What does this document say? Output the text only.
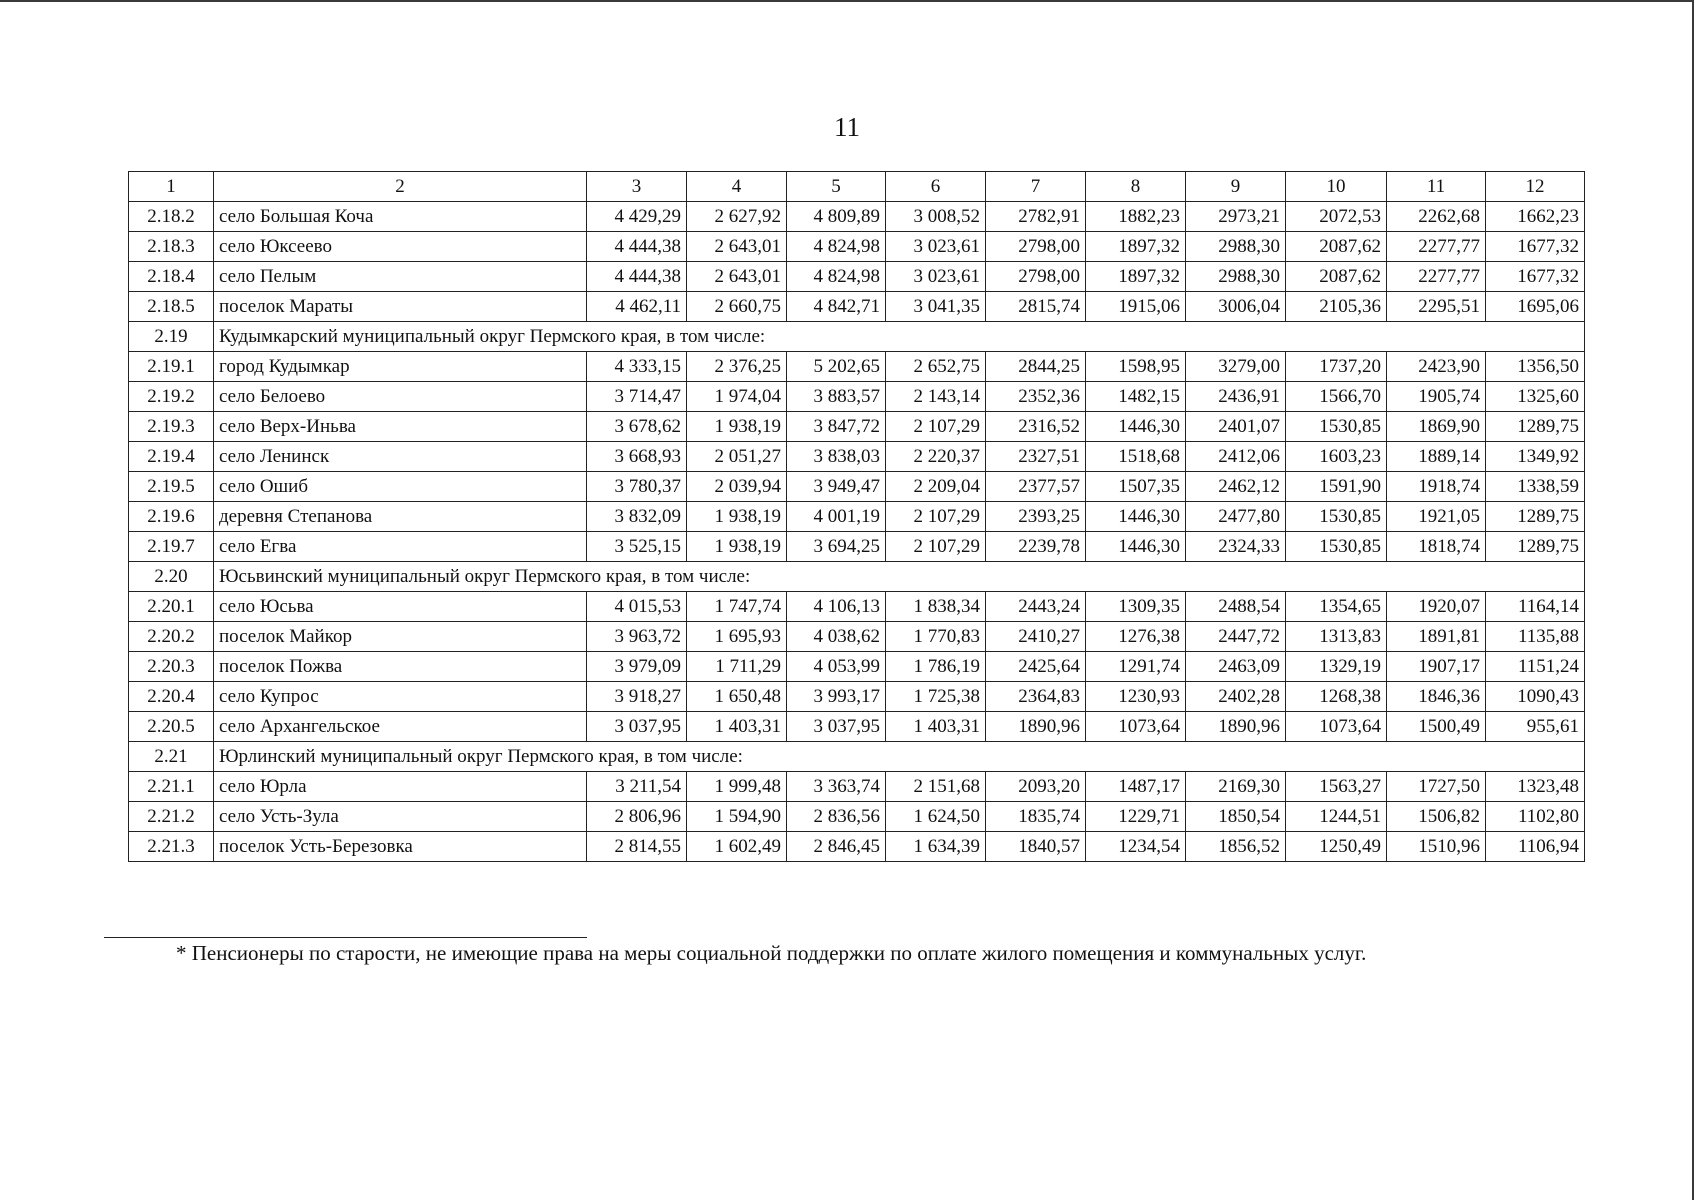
11
1	2	3	4	5	6	7	8	9	10	11	12
2.18.2	село Большая Коча	4 429,29	2 627,92	4 809,89	3 008,52	2782,91	1882,23	2973,21	2072,53	2262,68	1662,23
2.18.3	село Юксеево	4 444,38	2 643,01	4 824,98	3 023,61	2798,00	1897,32	2988,30	2087,62	2277,77	1677,32
2.18.4	село Пелым	4 444,38	2 643,01	4 824,98	3 023,61	2798,00	1897,32	2988,30	2087,62	2277,77	1677,32
2.18.5	поселок Мараты	4 462,11	2 660,75	4 842,71	3 041,35	2815,74	1915,06	3006,04	2105,36	2295,51	1695,06
2.19	Кудымкарский муниципальный округ Пермского края, в том числе:										
2.19.1	город Кудымкар	4 333,15	2 376,25	5 202,65	2 652,75	2844,25	1598,95	3279,00	1737,20	2423,90	1356,50
2.19.2	село Белоево	3 714,47	1 974,04	3 883,57	2 143,14	2352,36	1482,15	2436,91	1566,70	1905,74	1325,60
2.19.3	село Верх-Иньва	3 678,62	1 938,19	3 847,72	2 107,29	2316,52	1446,30	2401,07	1530,85	1869,90	1289,75
2.19.4	село Ленинск	3 668,93	2 051,27	3 838,03	2 220,37	2327,51	1518,68	2412,06	1603,23	1889,14	1349,92
2.19.5	село Ошиб	3 780,37	2 039,94	3 949,47	2 209,04	2377,57	1507,35	2462,12	1591,90	1918,74	1338,59
2.19.6	деревня Степанова	3 832,09	1 938,19	4 001,19	2 107,29	2393,25	1446,30	2477,80	1530,85	1921,05	1289,75
2.19.7	село Егва	3 525,15	1 938,19	3 694,25	2 107,29	2239,78	1446,30	2324,33	1530,85	1818,74	1289,75
2.20	Юсьвинский муниципальный округ Пермского края, в том числе:										
2.20.1	село Юсьва	4 015,53	1 747,74	4 106,13	1 838,34	2443,24	1309,35	2488,54	1354,65	1920,07	1164,14
2.20.2	поселок Майкор	3 963,72	1 695,93	4 038,62	1 770,83	2410,27	1276,38	2447,72	1313,83	1891,81	1135,88
2.20.3	поселок Пожва	3 979,09	1 711,29	4 053,99	1 786,19	2425,64	1291,74	2463,09	1329,19	1907,17	1151,24
2.20.4	село Купрос	3 918,27	1 650,48	3 993,17	1 725,38	2364,83	1230,93	2402,28	1268,38	1846,36	1090,43
2.20.5	село Архангельское	3 037,95	1 403,31	3 037,95	1 403,31	1890,96	1073,64	1890,96	1073,64	1500,49	955,61
2.21	Юрлинский муниципальный округ Пермского края, в том числе:										
2.21.1	село Юрла	3 211,54	1 999,48	3 363,74	2 151,68	2093,20	1487,17	2169,30	1563,27	1727,50	1323,48
2.21.2	село Усть-Зула	2 806,96	1 594,90	2 836,56	1 624,50	1835,74	1229,71	1850,54	1244,51	1506,82	1102,80
2.21.3	поселок Усть-Березовка	2 814,55	1 602,49	2 846,45	1 634,39	1840,57	1234,54	1856,52	1250,49	1510,96	1106,94
* Пенсионеры по старости, не имеющие права на меры социальной поддержки по оплате жилого помещения и коммунальных услуг.
